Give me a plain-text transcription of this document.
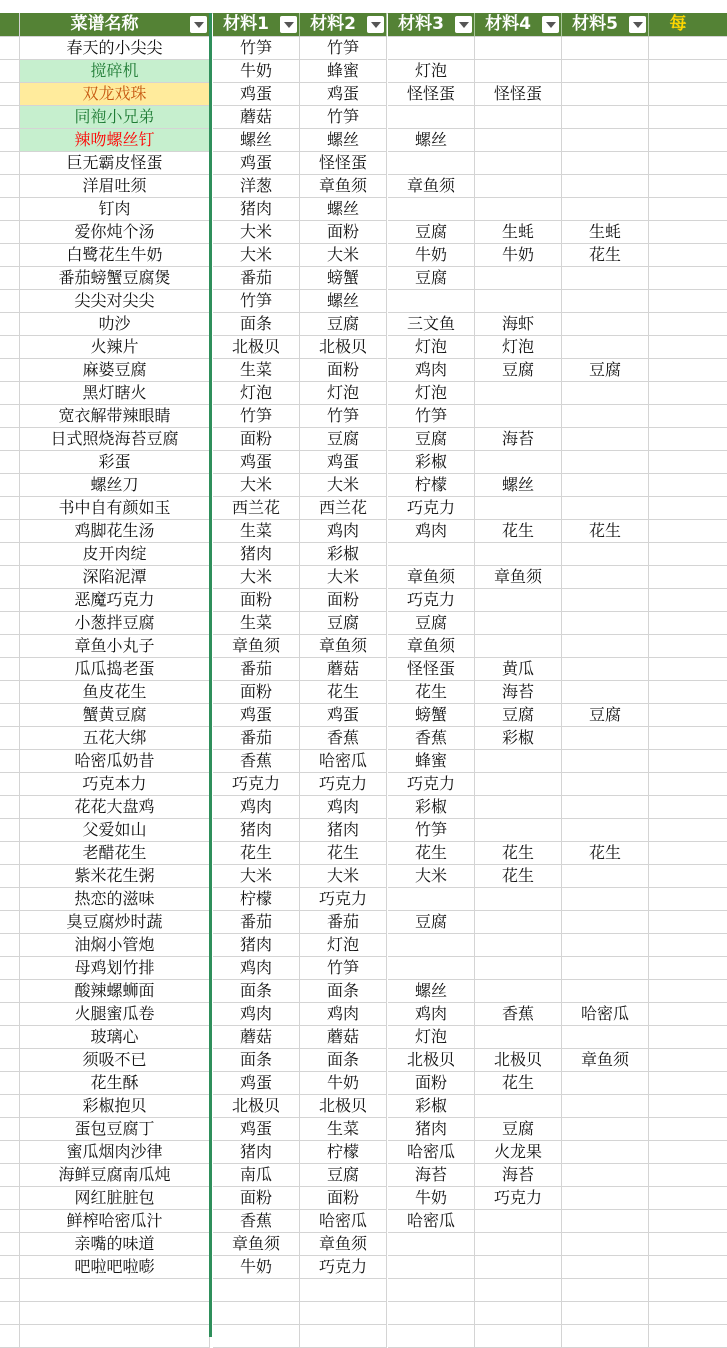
菜谱名称	材料1	材料2	材料3	材料4	材料5	每
春天的小尖尖	竹笋	竹笋
搅碎机	牛奶	蜂蜜	灯泡
双龙戏珠	鸡蛋	鸡蛋	怪怪蛋	怪怪蛋
同袍小兄弟	蘑菇	竹笋
辣吻螺丝钉	螺丝	螺丝	螺丝
巨无霸皮怪蛋	鸡蛋	怪怪蛋
洋眉吐须	洋葱	章鱼须	章鱼须
钉肉	猪肉	螺丝
爱你炖个汤	大米	面粉	豆腐	生蚝	生蚝
白鹭花生牛奶	大米	大米	牛奶	牛奶	花生
番茄螃蟹豆腐煲	番茄	螃蟹	豆腐
尖尖对尖尖	竹笋	螺丝
叻沙	面条	豆腐	三文鱼	海虾
火辣片	北极贝	北极贝	灯泡	灯泡
麻婆豆腐	生菜	面粉	鸡肉	豆腐	豆腐
黑灯瞎火	灯泡	灯泡	灯泡
宽衣解带辣眼睛	竹笋	竹笋	竹笋
日式照烧海苔豆腐	面粉	豆腐	豆腐	海苔
彩蛋	鸡蛋	鸡蛋	彩椒
螺丝刀	大米	大米	柠檬	螺丝
书中自有颜如玉	西兰花	西兰花	巧克力
鸡脚花生汤	生菜	鸡肉	鸡肉	花生	花生
皮开肉绽	猪肉	彩椒
深陷泥潭	大米	大米	章鱼须	章鱼须
恶魔巧克力	面粉	面粉	巧克力
小葱拌豆腐	生菜	豆腐	豆腐
章鱼小丸子	章鱼须	章鱼须	章鱼须
瓜瓜捣老蛋	番茄	蘑菇	怪怪蛋	黄瓜
鱼皮花生	面粉	花生	花生	海苔
蟹黄豆腐	鸡蛋	鸡蛋	螃蟹	豆腐	豆腐
五花大绑	番茄	香蕉	香蕉	彩椒
哈密瓜奶昔	香蕉	哈密瓜	蜂蜜
巧克本力	巧克力	巧克力	巧克力
花花大盘鸡	鸡肉	鸡肉	彩椒
父爱如山	猪肉	猪肉	竹笋
老醋花生	花生	花生	花生	花生	花生
紫米花生粥	大米	大米	大米	花生
热恋的滋味	柠檬	巧克力
臭豆腐炒时蔬	番茄	番茄	豆腐
油焖小管炮	猪肉	灯泡
母鸡划竹排	鸡肉	竹笋
酸辣螺蛳面	面条	面条	螺丝
火腿蜜瓜卷	鸡肉	鸡肉	鸡肉	香蕉	哈密瓜
玻璃心	蘑菇	蘑菇	灯泡
须吸不已	面条	面条	北极贝	北极贝	章鱼须
花生酥	鸡蛋	牛奶	面粉	花生
彩椒抱贝	北极贝	北极贝	彩椒
蛋包豆腐丁	鸡蛋	生菜	猪肉	豆腐
蜜瓜烟肉沙律	猪肉	柠檬	哈密瓜	火龙果
海鲜豆腐南瓜炖	南瓜	豆腐	海苔	海苔
网红脏脏包	面粉	面粉	牛奶	巧克力
鲜榨哈密瓜汁	香蕉	哈密瓜	哈密瓜
亲嘴的味道	章鱼须	章鱼须
吧啦吧啦嘭	牛奶	巧克力
